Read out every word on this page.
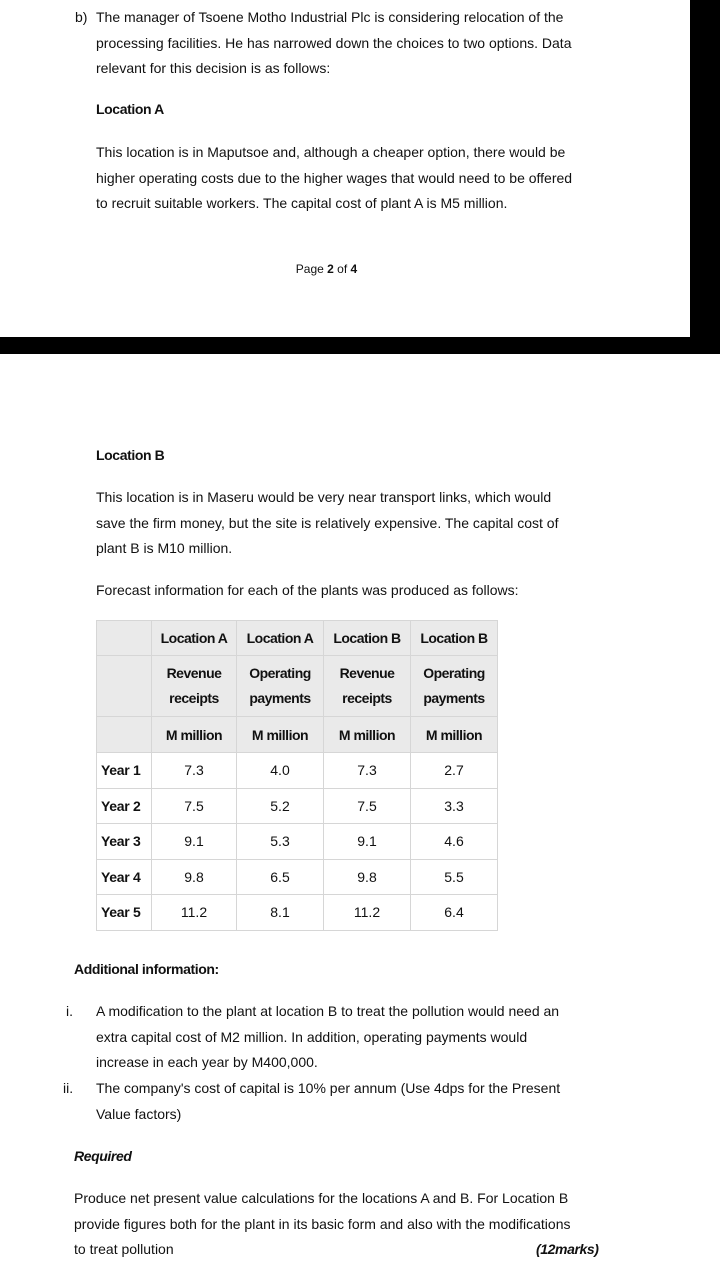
b) The manager of Tsoene Motho Industrial Plc is considering relocation of the
processing facilities. He has narrowed down the choices to two options. Data
relevant for this decision is as follows:
Location A
This location is in Maputsoe and, although a cheaper option, there would be
higher operating costs due to the higher wages that would need to be offered
to recruit suitable workers. The capital cost of plant A is M5 million.
Page 2 of 4
Location B
This location is in Maseru would be very near transport links, which would
save the firm money, but the site is relatively expensive. The capital cost of
plant B is M10 million.
Forecast information for each of the plants was produced as follows:
	Location A	Location A	Location B	Location B
	Revenue
receipts	Operating
payments	Revenue
receipts	Operating
payments
	M million	M million	M million	M million
Year 1	7.3	4.0	7.3	2.7
Year 2	7.5	5.2	7.5	3.3
Year 3	9.1	5.3	9.1	4.6
Year 4	9.8	6.5	9.8	5.5
Year 5	11.2	8.1	11.2	6.4
Additional information:
i. A modification to the plant at location B to treat the pollution would need an
extra capital cost of M2 million. In addition, operating payments would
increase in each year by M400,000.
ii. The company's cost of capital is 10% per annum (Use 4dps for the Present
Value factors)
Required
Produce net present value calculations for the locations A and B. For Location B
provide figures both for the plant in its basic form and also with the modifications
to treat pollution	(12marks)
